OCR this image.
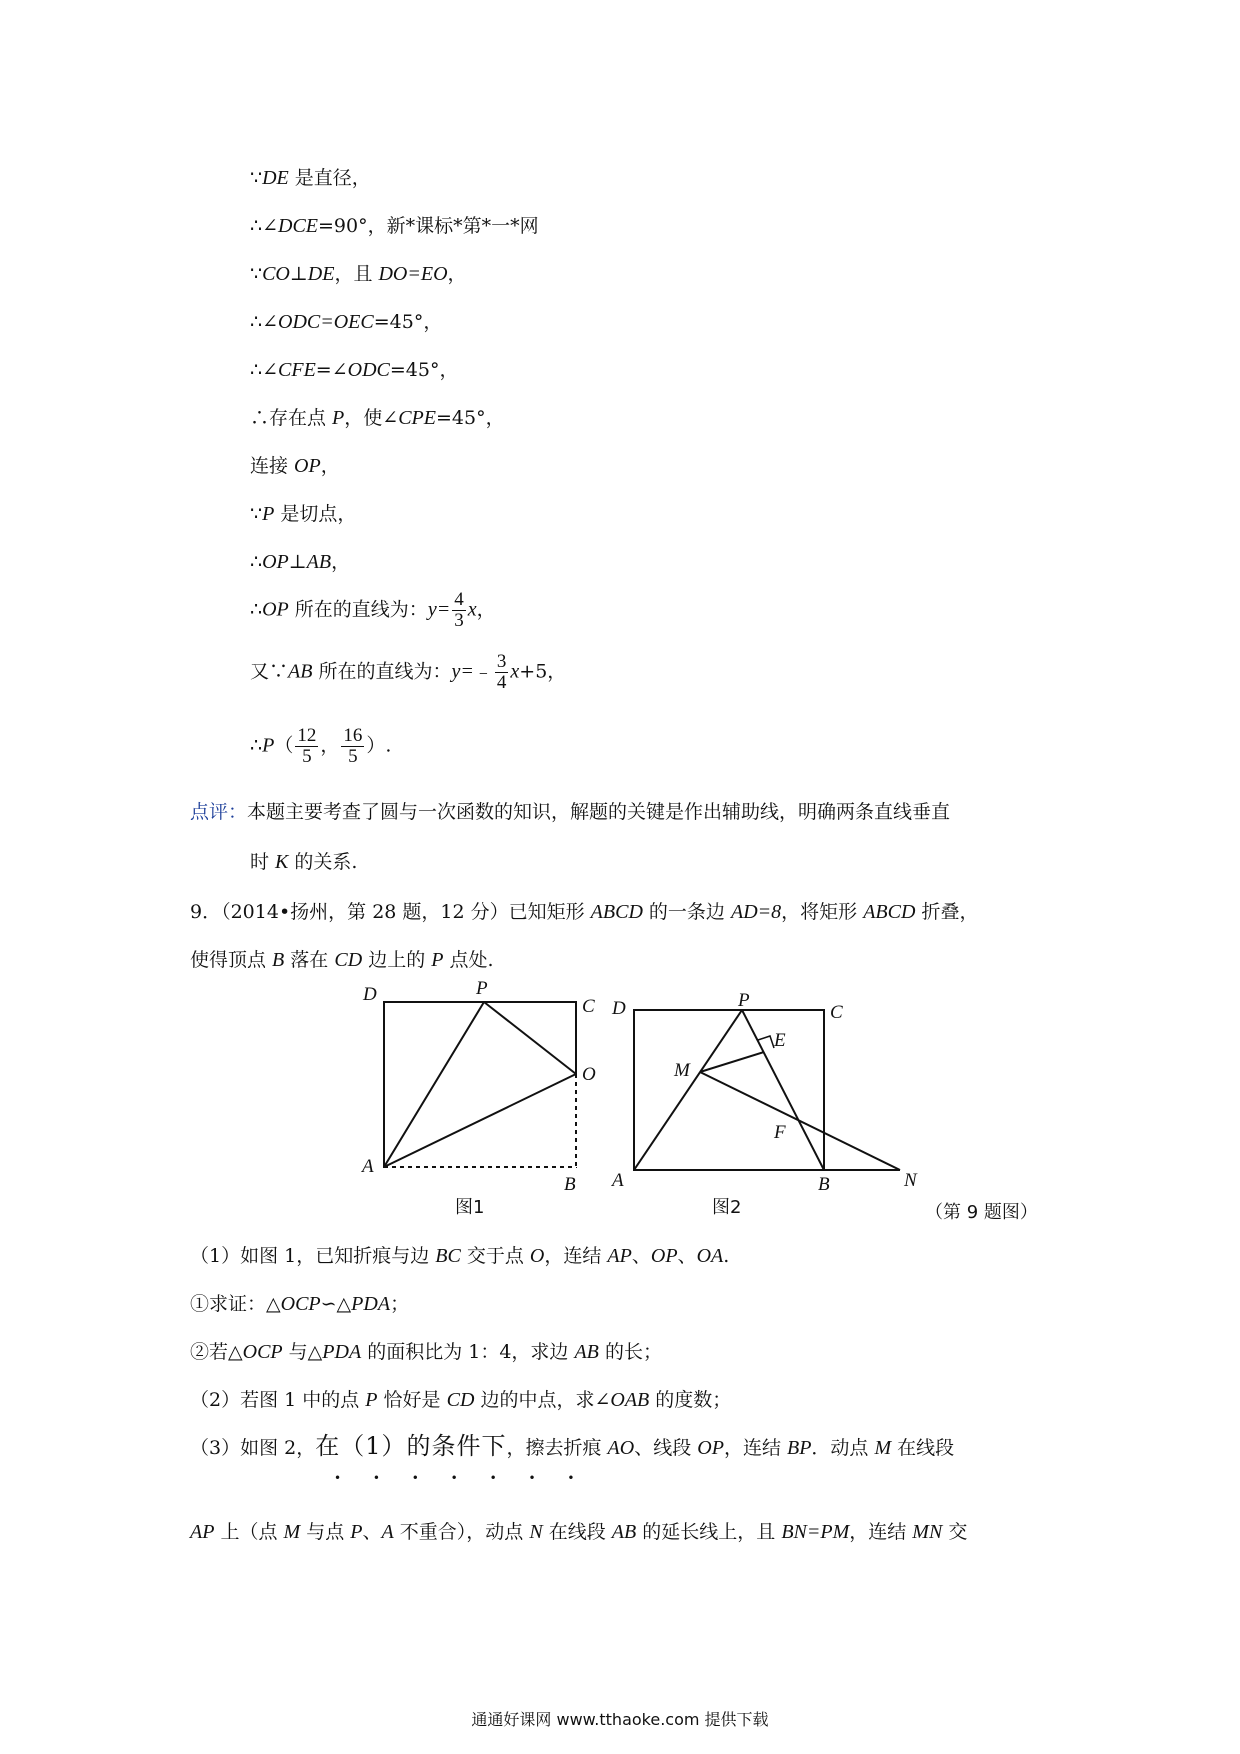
∵DE 是直径，
∴∠DCE=90°，新*课标*第*一*网
∵CO⊥DE，且 DO=EO，
∴∠ODC=OEC=45°，
∴∠CFE=∠ODC=45°，
∴存在点 P，使∠CPE=45°，
连接 OP，
∵P 是切点，
∴OP⊥AB，
∴OP 所在的直线为：$y= \frac{4}{3}$ x，
又∵AB 所在的直线为：y=﹣ $\frac{3}{4} x+5$，
∴P（ $\frac{12}{5}$ ， $\frac{16}{5}$ ）.
点评：本题主要考查了圆与一次函数的知识，解题的关键是作出辅助线，明确两条直线垂直
时 K 的关系.
9．（2014•扬州，第 28 题，12 分）已知矩形 ABCD 的一条边 AD=8，将矩形 ABCD 折叠，
使得顶点 B 落在 CD 边上的 P 点处.
D	P
C
O
A
B
图1
D	P
C
E
M
F
A	B	N
图2	（第 9 题图）
（1）如图 1，已知折痕与边 BC 交于点 O，连结 AP、OP、OA.
①求证：△OCP∽△PDA；
②若△OCP 与△PDA 的面积比为 1：4，求边 AB 的长；
（2）若图 1 中的点 P 恰好是 CD 边的中点，求∠OAB 的度数；
（3）如图 2，在（1）的条件下，擦去折痕 AO、线段 OP，连结 BP．动点 M 在线段
• • • • • • •
AP 上（点 M 与点 P、A 不重合），动点 N 在线段 AB 的延长线上，且 BN=PM，连结 MN 交
通通好课网 www.tthaoke.com 提供下载
